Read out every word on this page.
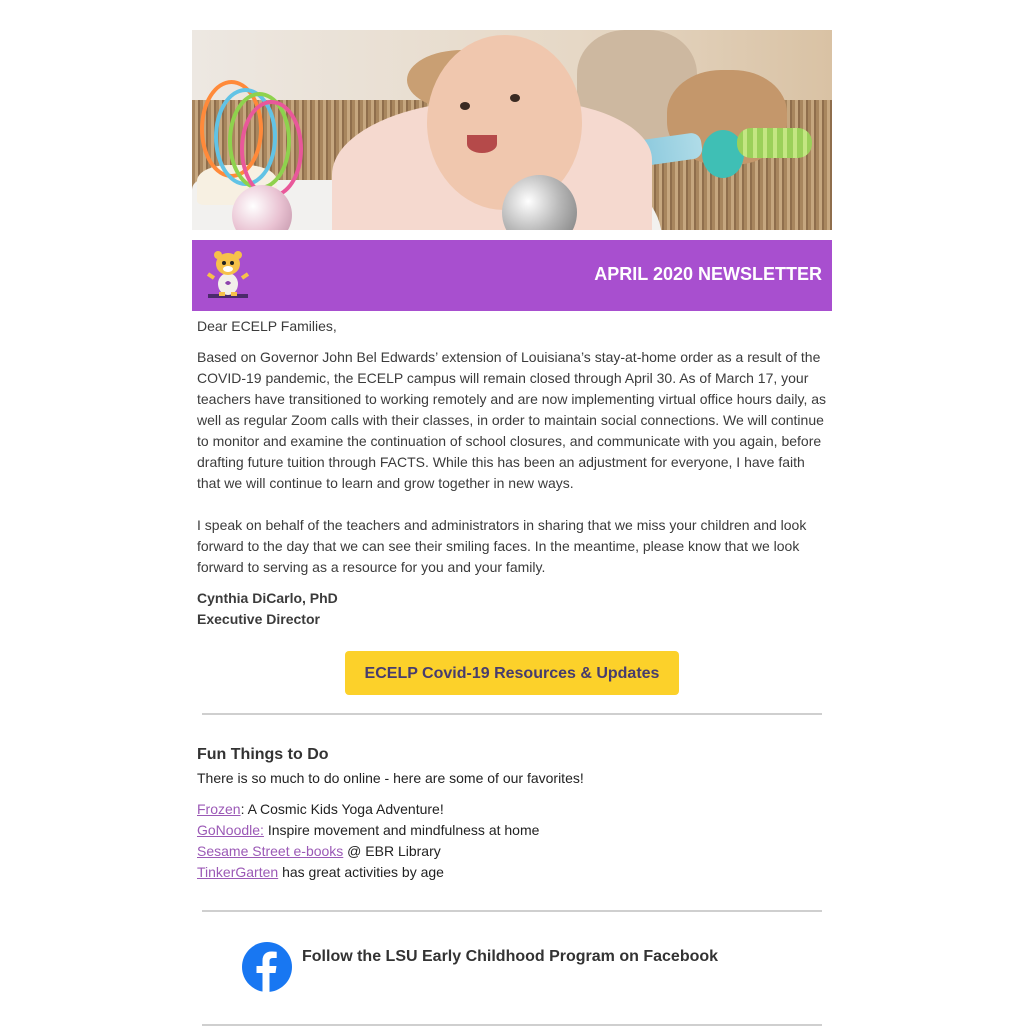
APRIL 2020 NEWSLETTER

Dear ECELP Families,

Based on Governor John Bel Edwards’ extension of Louisiana’s stay-at-home order as a result of the COVID-19 pandemic, the ECELP campus will remain closed through April 30. As of March 17, your teachers have transitioned to working remotely and are now implementing virtual office hours daily, as well as regular Zoom calls with their classes, in order to maintain social connections. We will continue to monitor and examine the continuation of school closures, and communicate with you again, before drafting future tuition through FACTS. While this has been an adjustment for everyone, I have faith that we will continue to learn and grow together in new ways.

I speak on behalf of the teachers and administrators in sharing that we miss your children and look forward to the day that we can see their smiling faces. In the meantime, please know that we look forward to serving as a resource for you and your family.

Cynthia DiCarlo, PhD
Executive Director
ECELP Covid-19 Resources & Updates
Fun Things to Do

There is so much to do online - here are some of our favorites!

Frozen: A Cosmic Kids Yoga Adventure!

GoNoodle: Inspire movement and mindfulness at home

Sesame Street e-books @ EBR Library

TinkerGarten has great activities by age

Follow the LSU Early Childhood Program on Facebook
